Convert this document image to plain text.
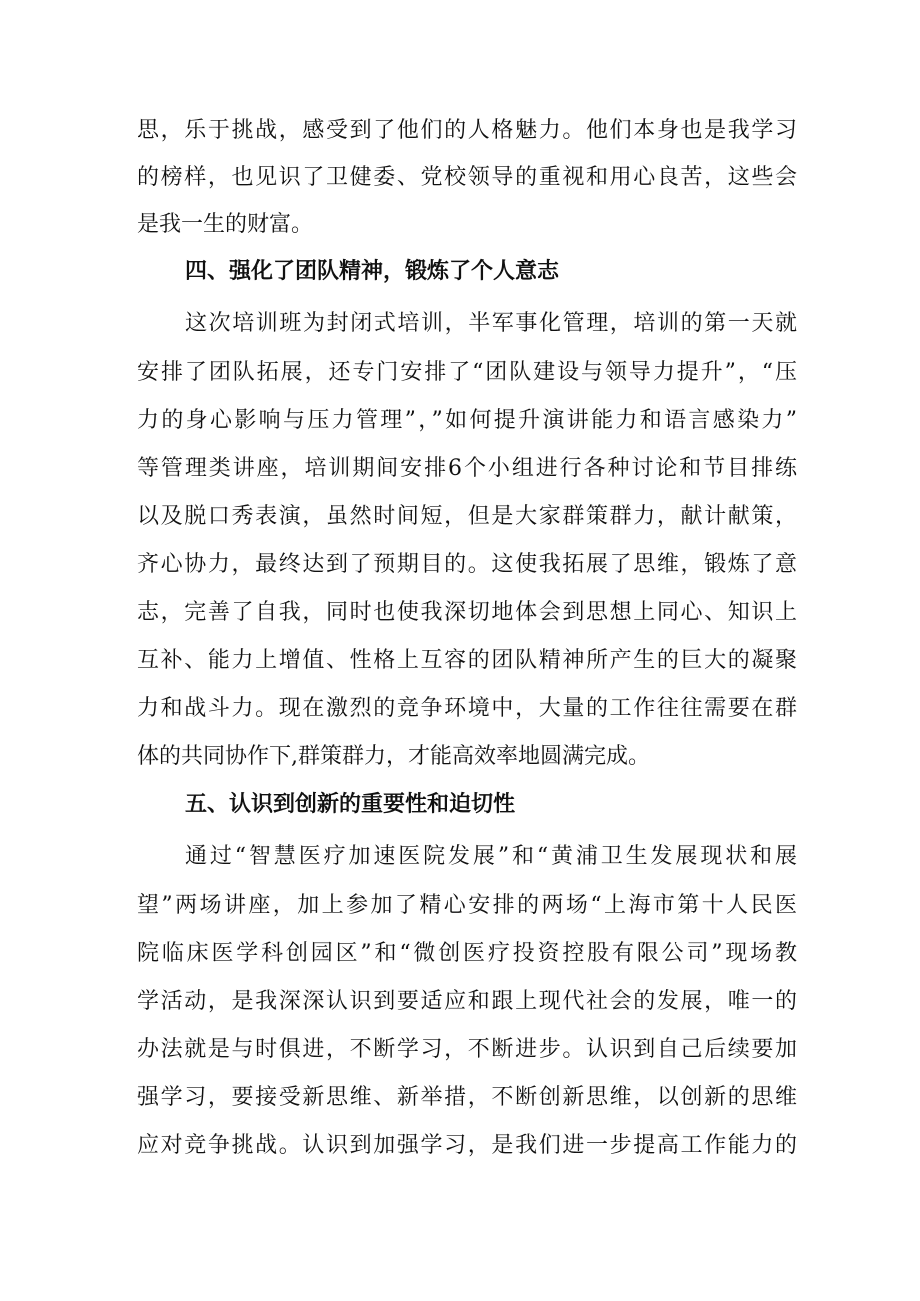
思，乐于挑战，感受到了他们的人格魅力。他们本身也是我学习
的榜样，也见识了卫健委、党校领导的重视和用心良苦，这些会
是我一生的财富。
四、强化了团队精神，锻炼了个人意志
这次培训班为封闭式培训，半军事化管理，培训的第一天就
安排了团队拓展，还专门安排了“团队建设与领导力提升”，“压
力的身心影响与压力管理”，”如何提升演讲能力和语言感染力”
等管理类讲座，培训期间安排6个小组进行各种讨论和节目排练
以及脱口秀表演，虽然时间短，但是大家群策群力，献计献策，
齐心协力，最终达到了预期目的。这使我拓展了思维，锻炼了意
志，完善了自我，同时也使我深切地体会到思想上同心、知识上
互补、能力上增值、性格上互容的团队精神所产生的巨大的凝聚
力和战斗力。现在激烈的竞争环境中，大量的工作往往需要在群
体的共同协作下,群策群力，才能高效率地圆满完成。
五、认识到创新的重要性和迫切性
通过“智慧医疗加速医院发展”和“黄浦卫生发展现状和展
望”两场讲座，加上参加了精心安排的两场“上海市第十人民医
院临床医学科创园区”和“微创医疗投资控股有限公司”现场教
学活动，是我深深认识到要适应和跟上现代社会的发展，唯一的
办法就是与时俱进，不断学习，不断进步。认识到自己后续要加
强学习，要接受新思维、新举措，不断创新思维，以创新的思维
应对竞争挑战。认识到加强学习，是我们进一步提高工作能力的
